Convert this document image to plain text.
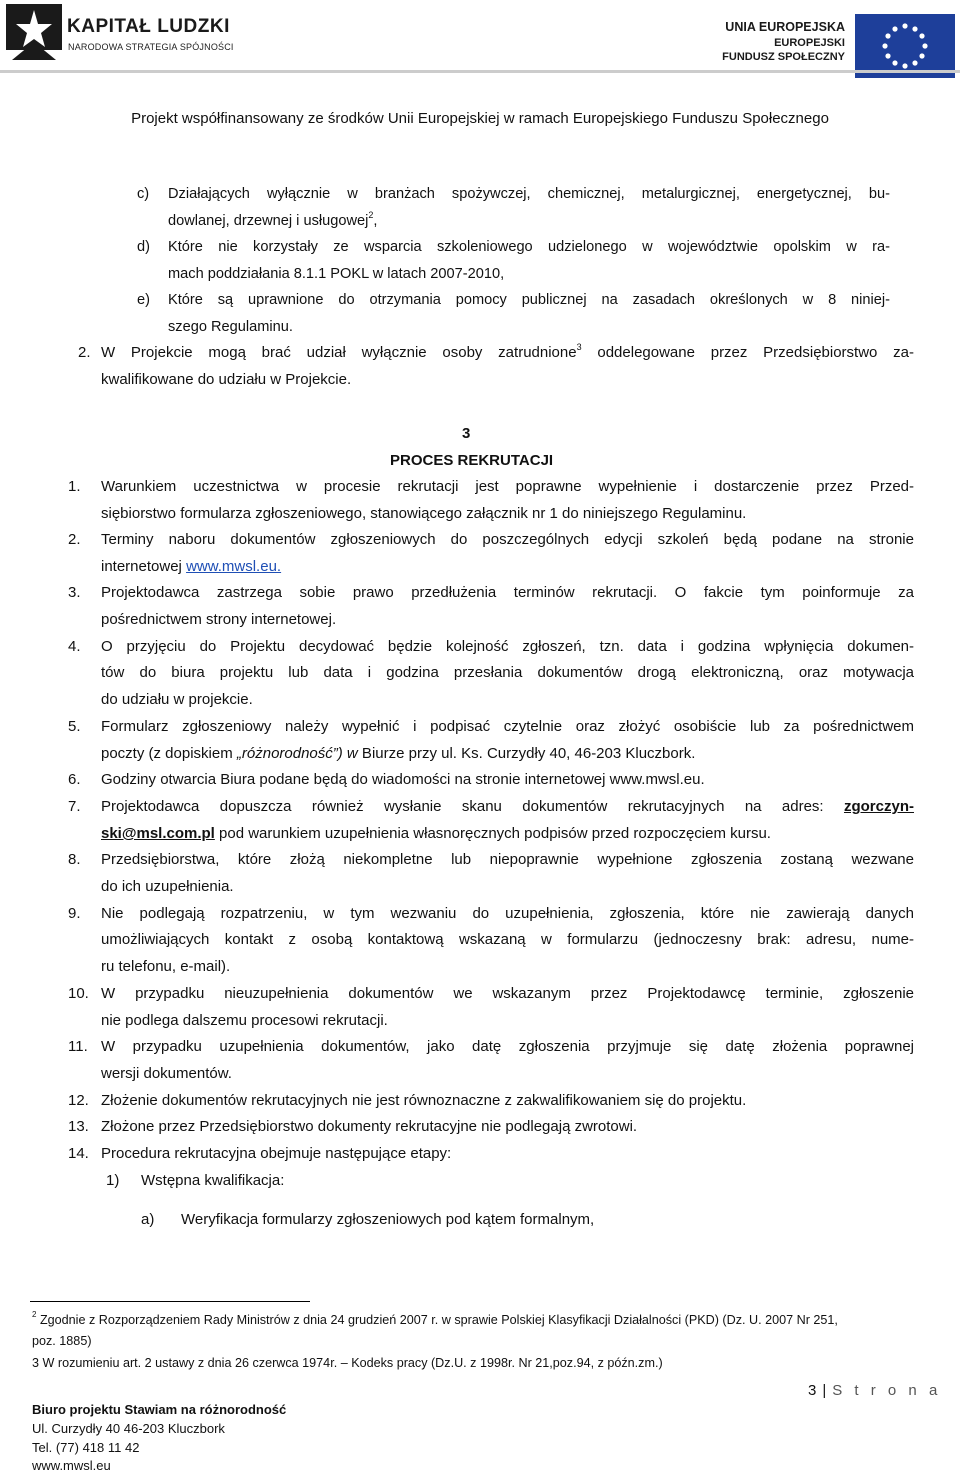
KAPITAŁ LUDZKI
NARODOWA STRATEGIA SPÓJNOŚCI
UNIA EUROPEJSKA
EUROPEJSKI
FUNDUSZ SPOŁECZNY
Projekt współfinansowany ze środków Unii Europejskiej w ramach Europejskiego Funduszu Społecznego
c) Działających wyłącznie w branżach spożywczej, chemicznej, metalurgicznej, energetycznej, bu-
dowlanej, drzewnej i usługowej$^2$,
d) Które nie korzystały ze wsparcia szkoleniowego udzielonego w województwie opolskim w ra-
mach poddziałania 8.1.1 POKL w latach 2007-2010,
e) Które są uprawnione do otrzymania pomocy publicznej na zasadach określonych w 8 niniej-
szego Regulaminu.
2. W Projekcie mogą brać udział wyłącznie osoby zatrudnione$^3$ oddelegowane przez Przedsiębiorstwo za-
kwalifikowane do udziału w Projekcie.
3
PROCES REKRUTACJI
1. Warunkiem uczestnictwa w procesie rekrutacji jest poprawne wypełnienie i dostarczenie przez Przed-
siębiorstwo formularza zgłoszeniowego, stanowiącego załącznik nr 1 do niniejszego Regulaminu.
2. Terminy naboru dokumentów zgłoszeniowych do poszczególnych edycji szkoleń będą podane na stronie
internetowej www.mwsl.eu.
3. Projektodawca zastrzega sobie prawo przedłużenia terminów rekrutacji. O fakcie tym poinformuje za
pośrednictwem strony internetowej.
4. O przyjęciu do Projektu decydować będzie kolejność zgłoszeń, tzn. data i godzina wpłynięcia dokumen-
tów do biura projektu lub data i godzina przesłania dokumentów drogą elektroniczną, oraz motywacja
do udziału w projekcie.
5. Formularz zgłoszeniowy należy wypełnić i podpisać czytelnie oraz złożyć osobiście lub za pośrednictwem
poczty (z dopiskiem „różnorodność”) w Biurze przy ul. Ks. Curzydły 40, 46-203 Kluczbork.
6. Godziny otwarcia Biura podane będą do wiadomości na stronie internetowej www.mwsl.eu.
7. Projektodawca dopuszcza również wysłanie skanu dokumentów rekrutacyjnych na adres: zgorczyn-
ski@msl.com.pl pod warunkiem uzupełnienia własnoręcznych podpisów przed rozpoczęciem kursu.
8. Przedsiębiorstwa, które złożą niekompletne lub niepoprawnie wypełnione zgłoszenia zostaną wezwane
do ich uzupełnienia.
9. Nie podlegają rozpatrzeniu, w tym wezwaniu do uzupełnienia, zgłoszenia, które nie zawierają danych
umożliwiających kontakt z osobą kontaktową wskazaną w formularzu (jednoczesny brak: adresu, nume-
ru telefonu, e-mail).
10. W przypadku nieuzupełnienia dokumentów we wskazanym przez Projektodawcę terminie, zgłoszenie
nie podlega dalszemu procesowi rekrutacji.
11. W przypadku uzupełnienia dokumentów, jako datę zgłoszenia przyjmuje się datę złożenia poprawnej
wersji dokumentów.
12. Złożenie dokumentów rekrutacyjnych nie jest równoznaczne z zakwalifikowaniem się do projektu.
13. Złożone przez Przedsiębiorstwo dokumenty rekrutacyjne nie podlegają zwrotowi.
14. Procedura rekrutacyjna obejmuje następujące etapy:
1) Wstępna kwalifikacja:
a) Weryfikacja formularzy zgłoszeniowych pod kątem formalnym,
$^2$ Zgodnie z Rozporządzeniem Rady Ministrów z dnia 24 grudzień 2007 r. w sprawie Polskiej Klasyfikacji Działalności (PKD) (Dz. U. 2007 Nr 251,
poz. 1885)
3 W rozumieniu art. 2 ustawy z dnia 26 czerwca 1974r. – Kodeks pracy (Dz.U. z 1998r. Nr 21,poz.94, z późn.zm.)
3 | S t r o n a
Biuro projektu Stawiam na różnorodność
Ul. Curzydły 40 46-203 Kluczbork
Tel. (77) 418 11 42
www.mwsl.eu
